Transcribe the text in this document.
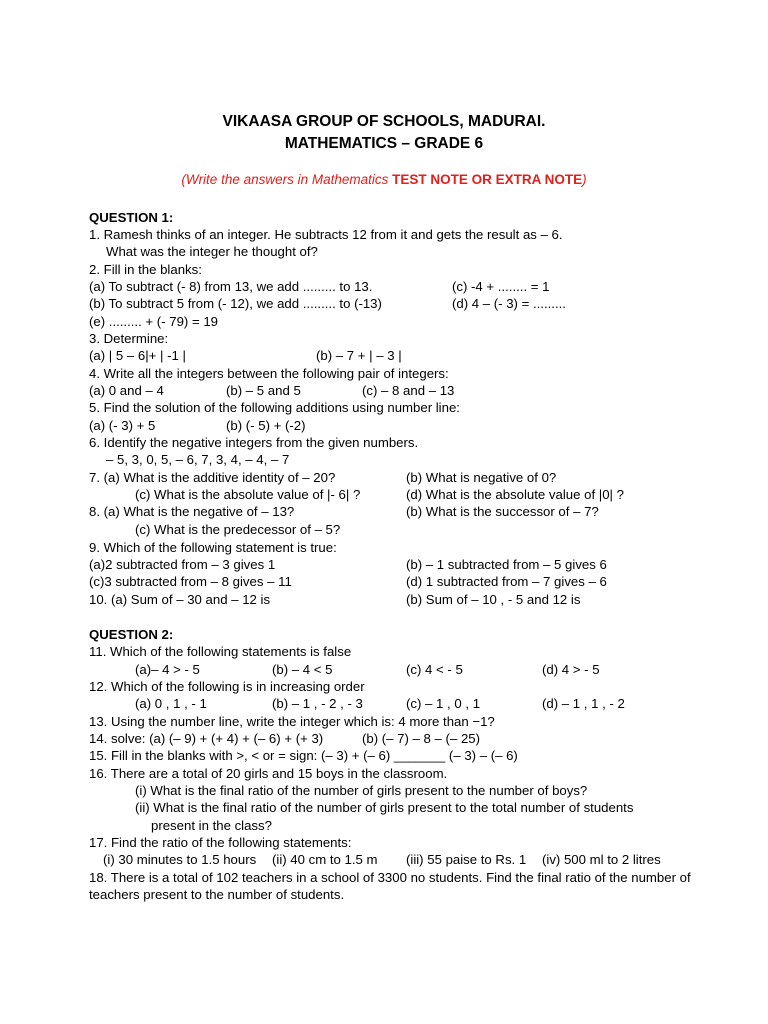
VIKAASA GROUP OF SCHOOLS, MADURAI.
MATHEMATICS – GRADE 6
(Write the answers in Mathematics TEST NOTE OR EXTRA NOTE)
QUESTION 1:
1. Ramesh thinks of an integer. He subtracts 12 from it and gets the result as – 6.
What was the integer he thought of?
2. Fill in the blanks:
(a) To subtract (- 8) from 13, we add ......... to 13.	(c) -4 + ........ = 1
(b) To subtract 5 from (- 12), we add ......... to (-13)	(d) 4 – (- 3) = .........
(e) ......... + (- 79) = 19
3. Determine:
(a) | 5 – 6|+ | -1 |	(b) – 7 + | – 3 |
4. Write all the integers between the following pair of integers:
(a) 0 and – 4	(b) – 5 and 5	(c) – 8 and – 13
5. Find the solution of the following additions using number line:
(a) (- 3) + 5	(b) (- 5) + (-2)
6. Identify the negative integers from the given numbers.
– 5, 3, 0, 5, – 6, 7, 3, 4, – 4, – 7
7. (a) What is the additive identity of – 20?	(b) What is negative of 0?
(c) What is the absolute value of |- 6| ?	(d) What is the absolute value of |0| ?
8. (a) What is the negative of – 13?	(b) What is the successor of – 7?
(c) What is the predecessor of – 5?
9. Which of the following statement is true:
(a)2 subtracted from – 3 gives 1	(b) – 1 subtracted from – 5 gives 6
(c)3 subtracted from – 8 gives – 11	(d) 1 subtracted from – 7 gives – 6
10. (a) Sum of – 30 and – 12 is	(b) Sum of – 10 , - 5 and 12 is
QUESTION 2:
11. Which of the following statements is false
(a)– 4 > - 5	(b) – 4 < 5	(c) 4 < - 5	(d) 4 > - 5
12. Which of the following is in increasing order
(a) 0 , 1 , - 1	(b) – 1 , - 2 , - 3	(c) – 1 , 0 , 1	(d) – 1 , 1 , - 2
13. Using the number line, write the integer which is: 4 more than −1?
14. solve: (a) (– 9) + (+ 4) + (– 6) + (+ 3)	(b) (– 7) – 8 – (– 25)
15. Fill in the blanks with >, < or = sign: (– 3) + (– 6) _______ (– 3) – (– 6)
16. There are a total of 20 girls and 15 boys in the classroom.
(i) What is the final ratio of the number of girls present to the number of boys?
(ii) What is the final ratio of the number of girls present to the total number of students
present in the class?
17. Find the ratio of the following statements:
(i) 30 minutes to 1.5 hours (ii) 40 cm to 1.5 m (iii) 55 paise to Rs. 1 (iv) 500 ml to 2 litres
18. There is a total of 102 teachers in a school of 3300 no students. Find the final ratio of the number of
teachers present to the number of students.
